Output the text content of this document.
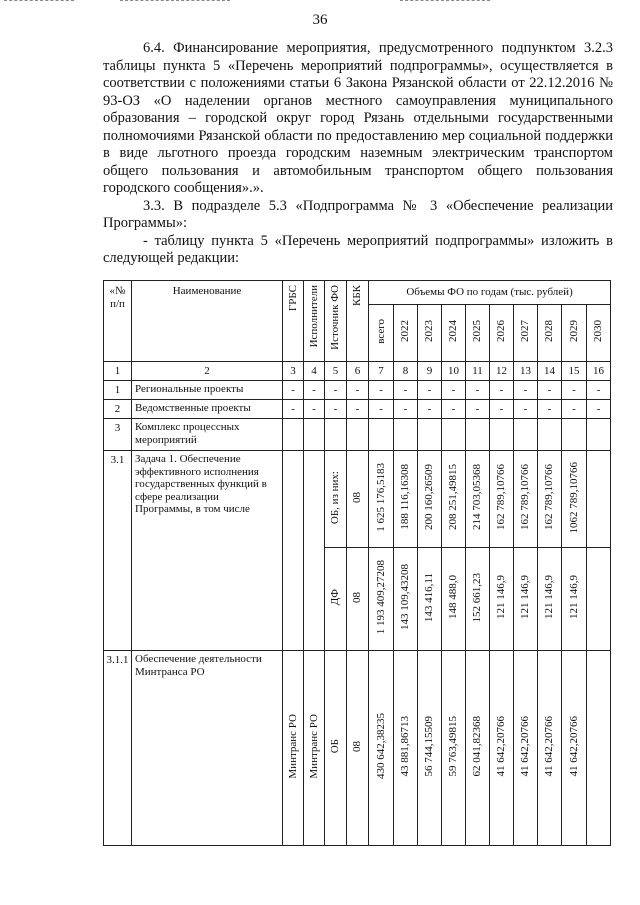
36

6.4. Финансирование мероприятия, предусмотренного подпунктом 3.2.3 таблицы пункта 5 «Перечень мероприятий подпрограммы», осуществляется в соответствии с положениями статьи 6 Закона Рязанской области от 22.12.2016 № 93-ОЗ «О наделении органов местного самоуправления муниципального образования – городской округ город Рязань отдельными государственными полномочиями Рязанской области по предоставлению мер социальной поддержки в виде льготного проезда городским наземным электрическим транспортом общего пользования и автомобильным транспортом общего пользования городского сообщения».».

3.3. В подразделе 5.3 «Подпрограмма № 3 «Обеспечение реализации Программы»:

- таблицу пункта 5 «Перечень мероприятий подпрограммы» изложить в следующей редакции:

«№ п/п	Наименование	ГРБС	Исполнители	Источник ФО	КБК	Объемы ФО по годам (тыс. рублей)									
						всего	2022	2023	2024	2025	2026	2027	2028	2029	2030
1	2	3	4	5	6	7	8	9	10	11	12	13	14	15	16
1	Региональные проекты	-	-	-	-	-	-	-	-	-	-	-	-	-	-
2	Ведомственные проекты	-	-	-	-	-	-	-	-	-	-	-	-	-	-
3	Комплекс процессных мероприятий														
3.1	Задача 1. Обеспечение эффективного исполнения государственных функций в сфере реализации Программы, в том числе			ОБ, из них:	08	1 625 176,5183	188 116,16308	200 160,26509	208 251,49815	214 703,05368	162 789,10766	162 789,10766	162 789,10766	1062 789,10766	
				ДФ	08	1 193 409,27208	143 109,43208	143 416,11	148 488,0	152 661,23	121 146,9	121 146,9	121 146,9	121 146,9	
3.1.1	Обеспечение деятельности Минтранса РО	Минтранс РО	Минтранс РО	ОБ	08	430 642,38235	43 881,86713	56 744,15509	59 763,49815	62 041,82368	41 642,20766	41 642,20766	41 642,20766	41 642,20766	
